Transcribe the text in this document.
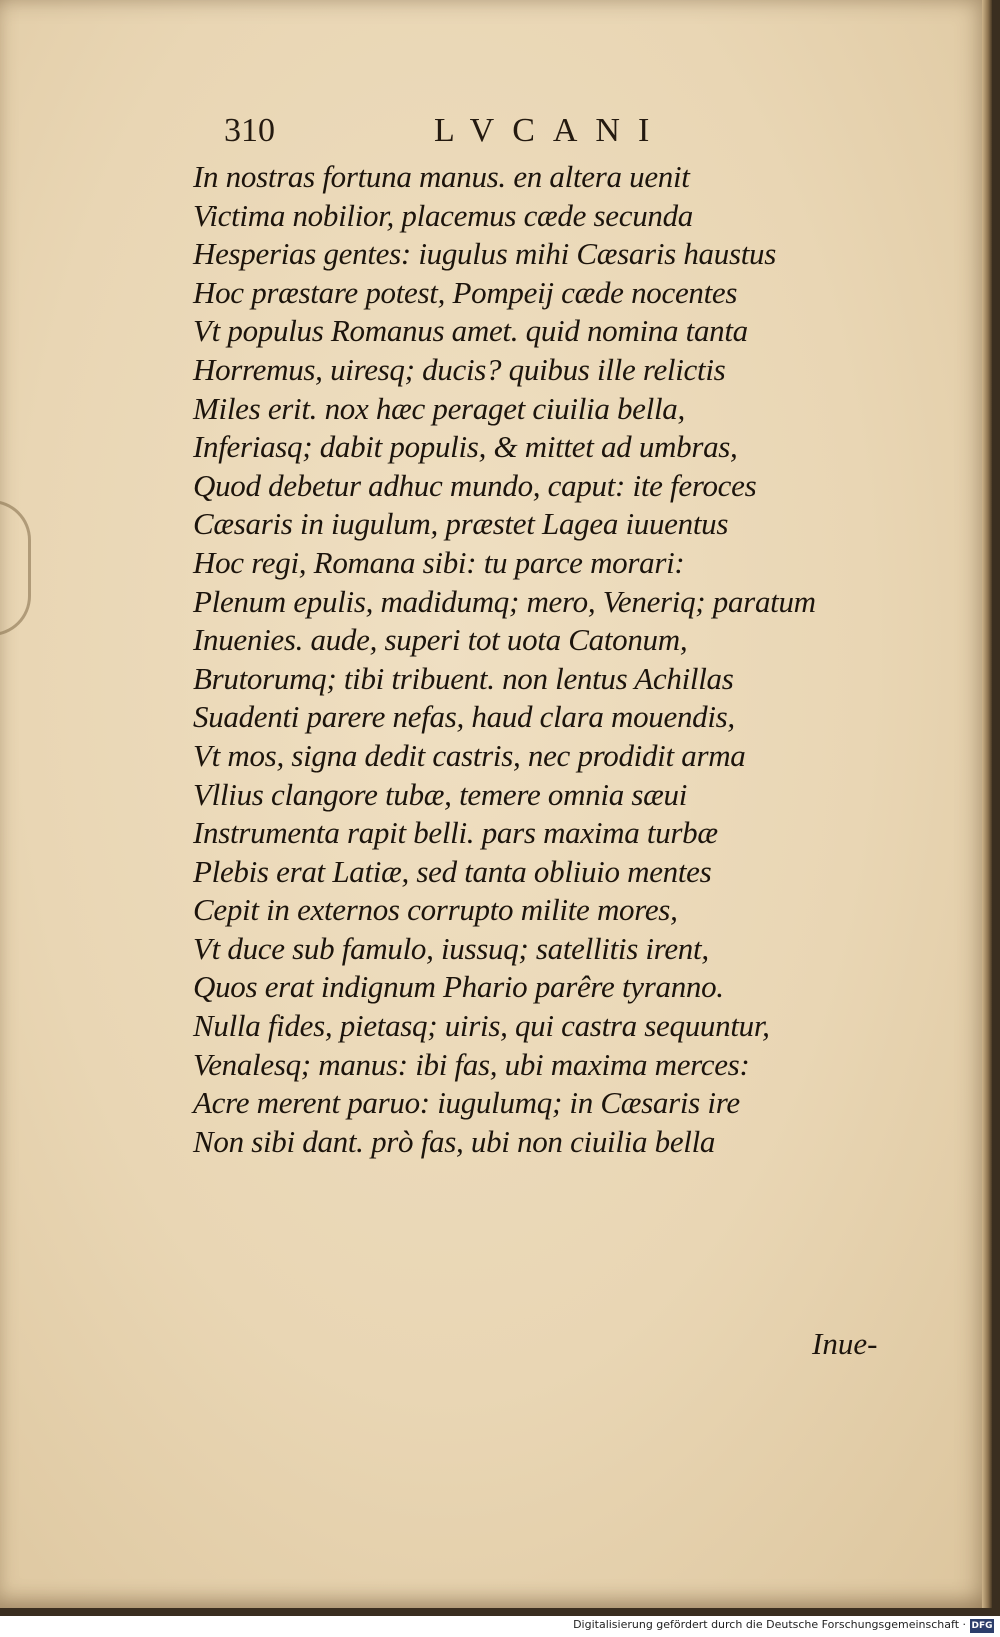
310	LVCANI
In nostras fortuna manus. en altera uenit
Victima nobilior, placemus cæde secunda
Hesperias gentes: iugulus mihi Cæsaris haustus
Hoc præstare potest, Pompeij cæde nocentes
Vt populus Romanus amet. quid nomina tanta
Horremus, uiresq; ducis? quibus ille relictis
Miles erit. nox hæc peraget ciuilia bella,
Inferiasq; dabit populis, & mittet ad umbras,
Quod debetur adhuc mundo, caput: ite feroces
Cæsaris in iugulum, præstet Lagea iuuentus
Hoc regi, Romana sibi: tu parce morari:
Plenum epulis, madidumq; mero, Veneriq; paratum
Inuenies. aude, superi tot uota Catonum,
Brutorumq; tibi tribuent. non lentus Achillas
Suadenti parere nefas, haud clara mouendis,
Vt mos, signa dedit castris, nec prodidit arma
Vllius clangore tubæ, temere omnia sæui
Instrumenta rapit belli. pars maxima turbæ
Plebis erat Latiæ, sed tanta obliuio mentes
Cepit in externos corrupto milite mores,
Vt duce sub famulo, iussuq; satellitis irent,
Quos erat indignum Phario parêre tyranno.
Nulla fides, pietasq; uiris, qui castra sequuntur,
Venalesq; manus: ibi fas, ubi maxima merces:
Acre merent paruo: iugulumq; in Cæsaris ire
Non sibi dant. prò fas, ubi non ciuilia bella
Inue-
Digitalisierung gefördert durch die Deutsche Forschungsgemeinschaft · DFG
